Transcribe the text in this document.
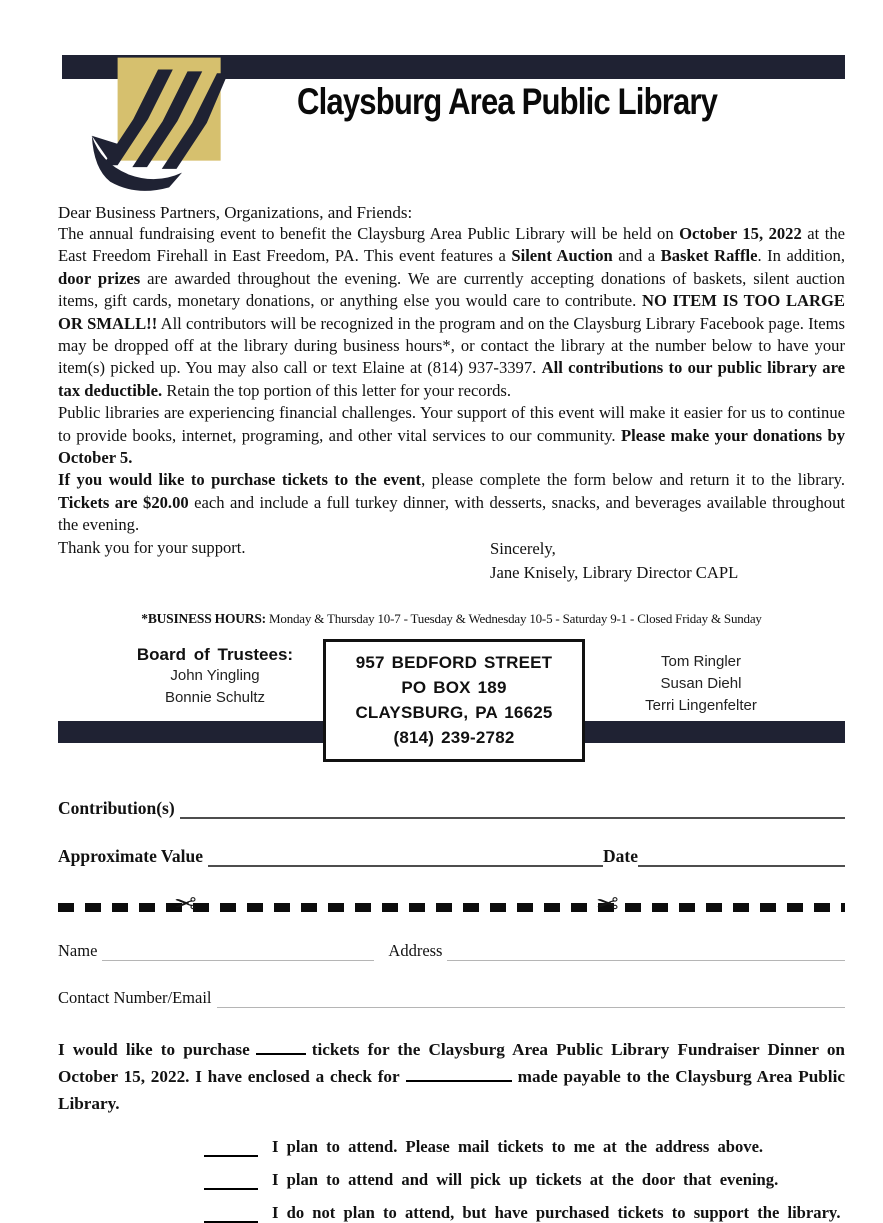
Claysburg Area Public Library
Dear Business Partners, Organizations, and Friends:

The annual fundraising event to benefit the Claysburg Area Public Library will be held on October 15, 2022 at the East Freedom Firehall in East Freedom, PA. This event features a Silent Auction and a Basket Raffle. In addition, door prizes are awarded throughout the evening. We are currently accepting donations of baskets, silent auction items, gift cards, monetary donations, or anything else you would care to contribute. NO ITEM IS TOO LARGE OR SMALL!! All contributors will be recognized in the program and on the Claysburg Library Facebook page. Items may be dropped off at the library during business hours*, or contact the library at the number below to have your item(s) picked up. You may also call or text Elaine at (814) 937-3397. All contributions to our public library are tax deductible. Retain the top portion of this letter for your records.

Public libraries are experiencing financial challenges. Your support of this event will make it easier for us to continue to provide books, internet, programing, and other vital services to our community. Please make your donations by October 5.

If you would like to purchase tickets to the event, please complete the form below and return it to the library. Tickets are $20.00 each and include a full turkey dinner, with desserts, snacks, and beverages available throughout the evening.

Thank you for your support.	Sincerely,
Jane Knisely, Library Director CAPL
*BUSINESS HOURS: Monday & Thursday 10-7 - Tuesday & Wednesday 10-5 - Saturday 9-1 - Closed Friday & Sunday
Board of Trustees:
John Yingling
Bonnie Schultz
957 BEDFORD STREET
PO BOX 189
CLAYSBURG, PA 16625
(814) 239-2782
Tom Ringler
Susan Diehl
Terri Lingenfelter
Contribution(s)
Approximate Value	Date
✂	✂
Name	Address
Contact Number/Email

I would like to purchase	tickets for the Claysburg Area Public Library Fundraiser Dinner on October 15, 2022. I have enclosed a check for	made payable to the Claysburg Area Public Library.

I plan to attend. Please mail tickets to me at the address above.
I plan to attend and will pick up tickets at the door that evening.
I do not plan to attend, but have purchased tickets to support the library.
